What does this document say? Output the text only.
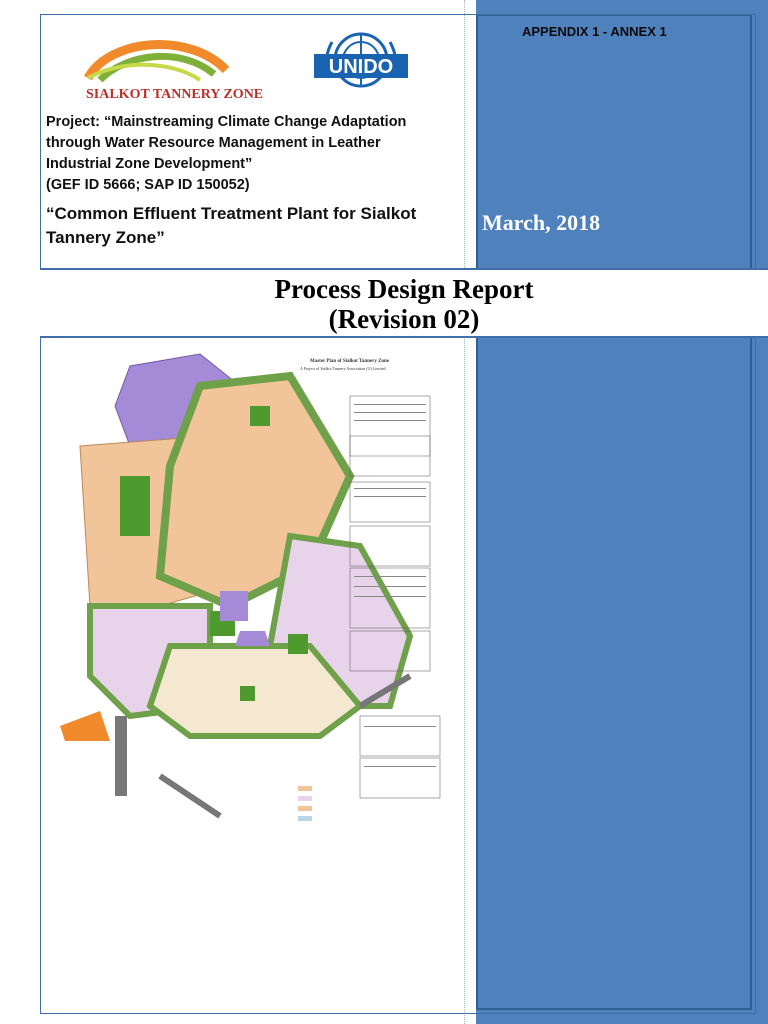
APPENDIX 1 - ANNEX 1
SIALKOT TANNERY ZONE
UNIDO
Project: “Mainstreaming Climate Change Adaptation
through Water Resource Management in Leather
Industrial Zone Development”
(GEF ID 5666; SAP ID 150052)
“Common Effluent Treatment Plant for Sialkot
Tannery Zone”
March, 2018
Process Design Report
(Revision 02)
Master Plan of Sialkot Tannery Zone
A Project of Sialkot Tannery Association (G) Limited
